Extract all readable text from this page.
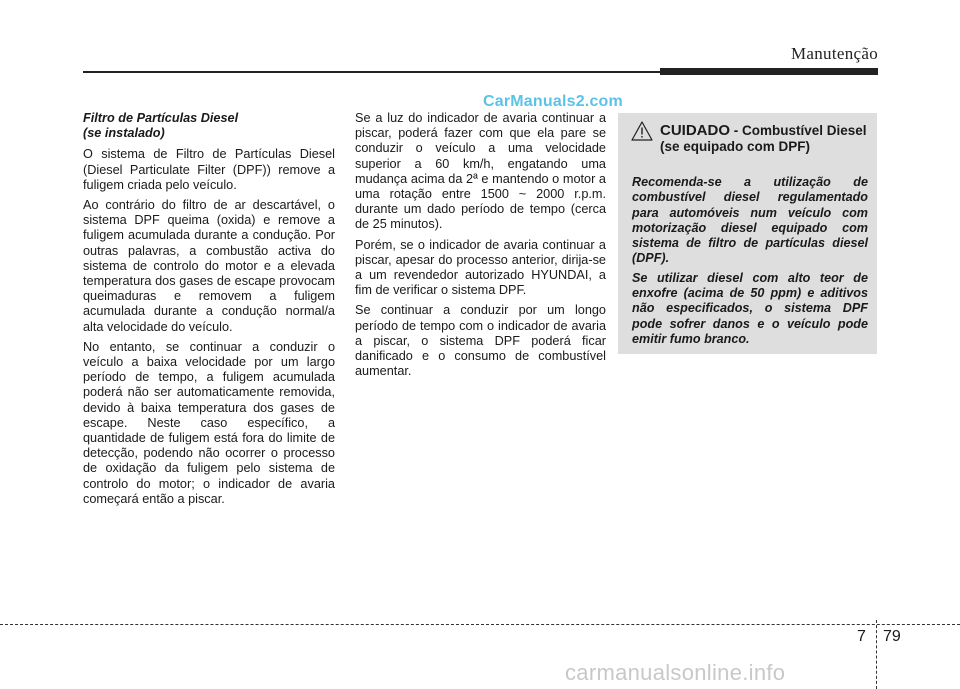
Manutenção
CarManuals2.com
Filtro de Partículas Diesel
(se instalado)

O sistema de Filtro de Partículas Diesel (Diesel Particulate Filter (DPF)) remove a fuligem criada pelo veículo.

Ao contrário do filtro de ar descartável, o sistema DPF queima (oxida) e remove a fuligem acumulada durante a condução. Por outras palavras, a combustão activa do sistema de controlo do motor e a elevada temperatura dos gases de escape provocam queimaduras e removem a fuligem acumulada durante a condução normal/a alta velocidade do veículo.

No entanto, se continuar a conduzir o veículo a baixa velocidade por um largo período de tempo, a fuligem acumulada poderá não ser automaticamente removida, devido à baixa temperatura dos gases de escape. Neste caso específico, a quantidade de fuligem está fora do limite de detecção, podendo não ocorrer o processo de oxidação da fuligem pelo sistema de controlo do motor; o indicador de avaria começará então a piscar.

Se a luz do indicador de avaria continuar a piscar, poderá fazer com que ela pare se conduzir o veículo a uma velocidade superior a 60 km/h, engatando uma mudança acima da 2ª e mantendo o motor a uma rotação entre 1500 ~ 2000 r.p.m. durante um dado período de tempo (cerca de 25 minutos).

Porém, se o indicador de avaria continuar a piscar, apesar do processo anterior, dirija-se a um revendedor autorizado HYUNDAI, a fim de verificar o sistema DPF.

Se continuar a conduzir por um longo período de tempo com o indicador de avaria a piscar, o sistema DPF poderá ficar danificado e o consumo de combustível aumentar.

CUIDADO - Combustível Diesel (se equipado com DPF)

Recomenda-se a utilização de combustível diesel regulamentado para automóveis num veículo com motorização diesel equipado com sistema de filtro de partículas diesel (DPF).

Se utilizar diesel com alto teor de enxofre (acima de 50 ppm) e aditivos não especificados, o sistema DPF pode sofrer danos e o veículo pode emitir fumo branco.

7 79
carmanualsonline.info
